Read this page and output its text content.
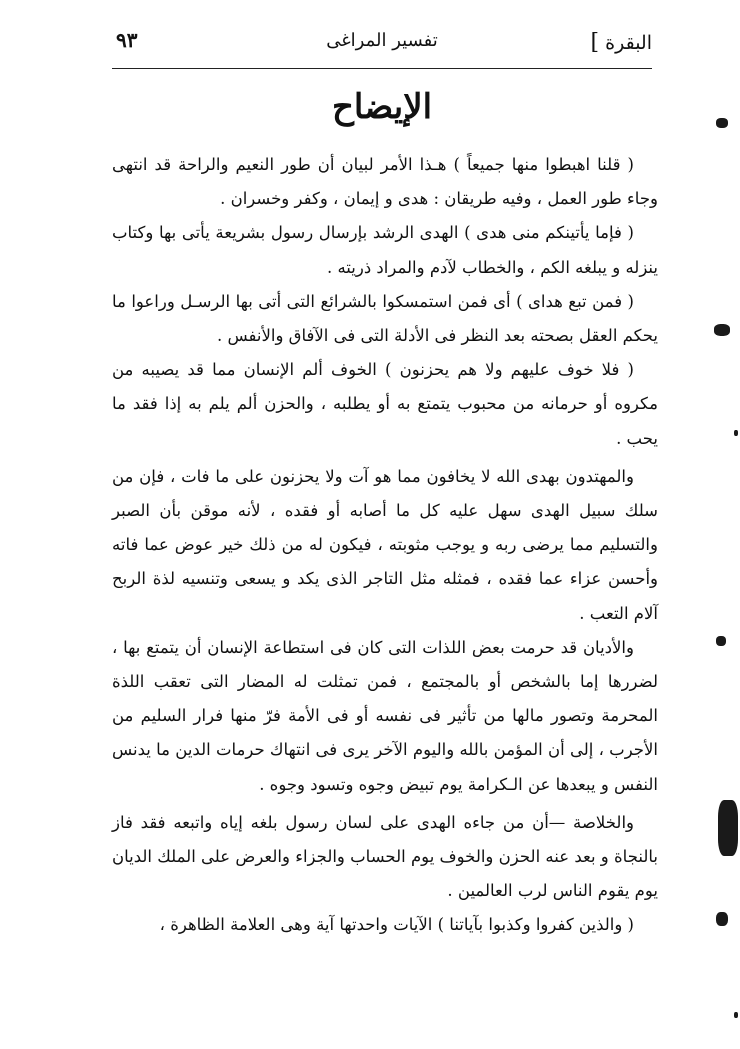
البقرة ]
تفسير المراغى
٩٣
الإيضاح

( قلنا اهبطوا منها جميعاً ) هـذا الأمر لبيان أن طور النعيم والراحة قد انتهى وجاء طور العمل ، وفيه طريقان : هدى و إيمان ، وكفر وخسران .

( فإما يأتينكم منى هدى ) الهدى الرشد بإرسال رسول بشريعة يأتى بها وكتاب ينزله و يبلغه الكم ، والخطاب لآدم والمراد ذريته .

( فمن تبع هداى ) أى فمن استمسكوا بالشرائع التى أتى بها الرسـل وراعوا ما يحكم العقل بصحته بعد النظر فى الأدلة التى فى الآفاق والأنفس .

( فلا خوف عليهم ولا هم يحزنون ) الخوف ألم الإنسان مما قد يصيبه من مكروه أو حرمانه من محبوب يتمتع به أو يطلبه ، والحزن ألم يلم به إذا فقد ما يحب .

والمهتدون بهدى الله لا يخافون مما هو آت ولا يحزنون على ما فات ، فإن من سلك سبيل الهدى سهل عليه كل ما أصابه أو فقده ، لأنه موقن بأن الصبر والتسليم مما يرضى ربه و يوجب مثوبته ، فيكون له من ذلك خير عوض عما فاته وأحسن عزاء عما فقده ، فمثله مثل التاجر الذى يكد و يسعى وتنسيه لذة الربح آلام التعب .

والأديان قد حرمت بعض اللذات التى كان فى استطاعة الإنسان أن يتمتع بها ، لضررها إما بالشخص أو بالمجتمع ، فمن تمثلت له المضار التى تعقب اللذة المحرمة وتصور مالها من تأثير فى نفسه أو فى الأمة فرّ منها فرار السليم من الأجرب ، إلى أن المؤمن بالله واليوم الآخر يرى فى انتهاك حرمات الدين ما يدنس النفس و يبعدها عن الـكرامة يوم تبيض وجوه وتسود وجوه .

والخلاصة —أن من جاءه الهدى على لسان رسول بلغه إياه واتبعه فقد فاز بالنجاة و بعد عنه الحزن والخوف يوم الحساب والجزاء والعرض على الملك الديان يوم يقوم الناس لرب العالمين .

( والذين كفروا وكذبوا بآياتنا ) الآيات واحدتها آية وهى العلامة الظاهرة ،
